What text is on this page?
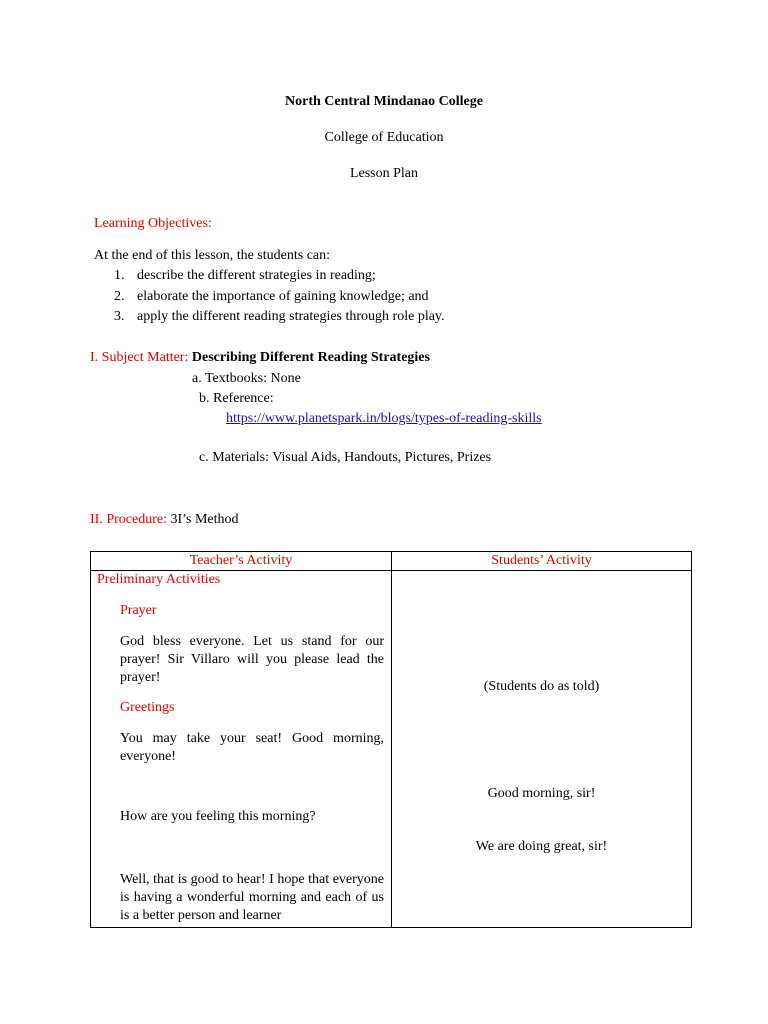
North Central Mindanao College
College of Education
Lesson Plan
Learning Objectives:
At the end of this lesson, the students can:
1. describe the different strategies in reading;
2. elaborate the importance of gaining knowledge; and
3. apply the different reading strategies through role play.
I. Subject Matter: Describing Different Reading Strategies
a. Textbooks: None
b. Reference:
https://www.planetspark.in/blogs/types-of-reading-skills
c. Materials: Visual Aids, Handouts, Pictures, Prizes
II. Procedure: 3I’s Method
Teacher’s Activity	Students’ Activity
Preliminary Activities
Prayer
God bless everyone. Let us stand for our prayer! Sir Villaro will you please lead the prayer!
Greetings
You may take your seat! Good morning, everyone!
How are you feeling this morning?
Well, that is good to hear! I hope that everyone is having a wonderful morning and each of us is a better person and learner
(Students do as told)
Good morning, sir!
We are doing great, sir!
